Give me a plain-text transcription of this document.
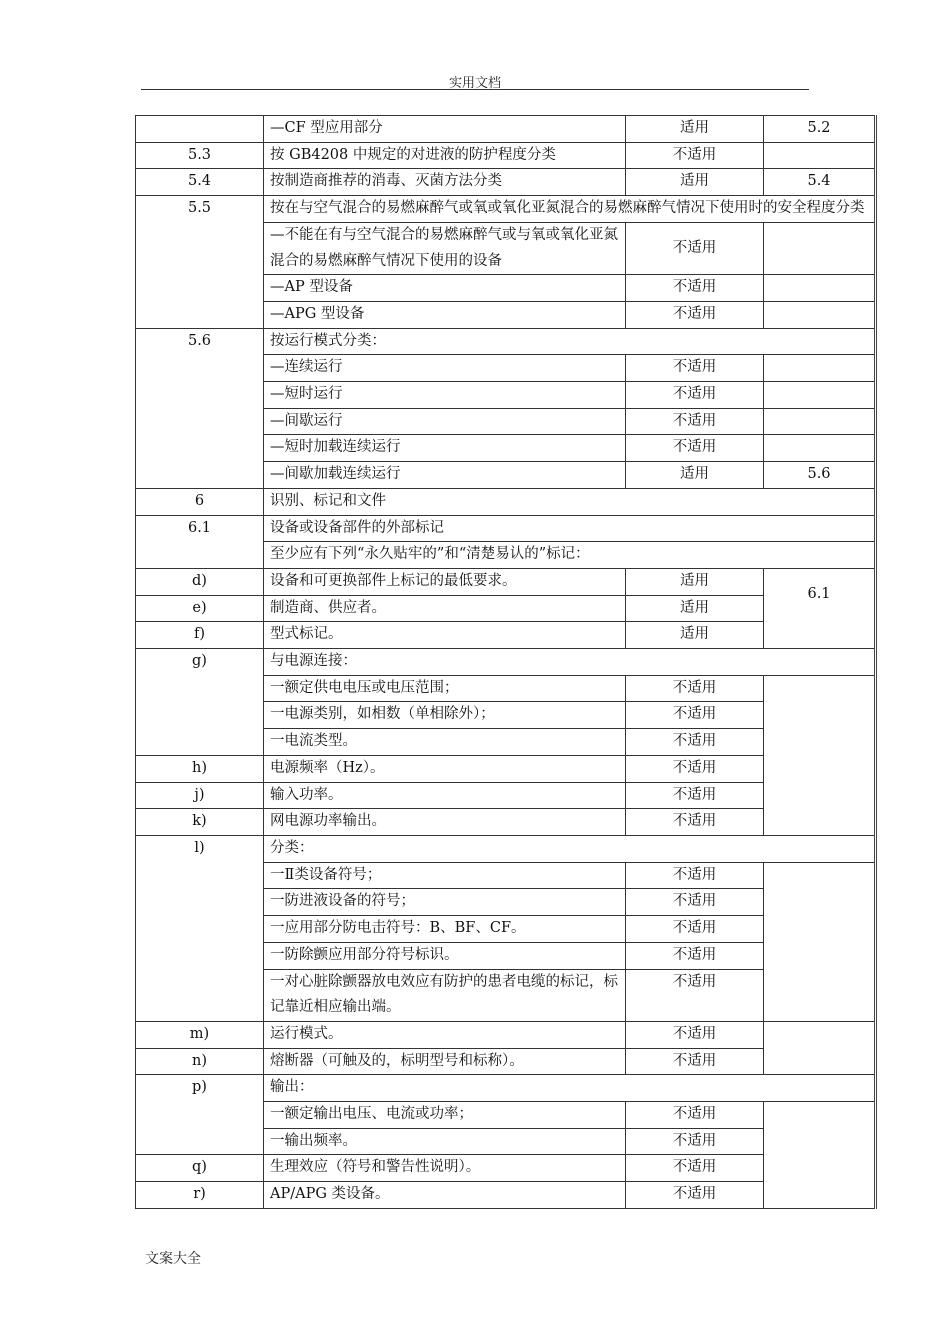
实用文档
	—CF 型应用部分	适用	5.2
5.3	按 GB4208 中规定的对进液的防护程度分类	不适用	
5.4	按制造商推荐的消毒、灭菌方法分类	适用	5.4
5.5	按在与空气混合的易燃麻醉气或氧或氧化亚氮混合的易燃麻醉气情况下使用时的安全程度分类		
	—不能在有与空气混合的易燃麻醉气或与氧或氧化亚氮混合的易燃麻醉气情况下使用的设备	不适用	
	—AP 型设备	不适用	
	—APG 型设备	不适用	
5.6	按运行模式分类：		
	—连续运行	不适用	
	—短时运行	不适用	
	—间歇运行	不适用	
	—短时加载连续运行	不适用	
	—间歇加载连续运行	适用	5.6
6	识别、标记和文件		
6.1	设备或设备部件的外部标记		
	至少应有下列“永久贴牢的”和“清楚易认的”标记：		
d)	设备和可更换部件上标记的最低要求。	适用	6.1
e)	制造商、供应者。	适用	
f)	型式标记。	适用	
g)	与电源连接：		
	一额定供电电压或电压范围；	不适用	
	一电源类别，如相数（单相除外）；	不适用	
	一电流类型。	不适用	
h)	电源频率（Hz）。	不适用	
j)	输入功率。	不适用	
k)	网电源功率输出。	不适用	
l)	分类：		
	一Ⅱ类设备符号；	不适用	
	一防进液设备的符号；	不适用	
	一应用部分防电击符号：B、BF、CF。	不适用	
	一防除颤应用部分符号标识。	不适用	
	一对心脏除颤器放电效应有防护的患者电缆的标记，标记靠近相应输出端。	不适用	
m)	运行模式。	不适用	
n)	熔断器（可触及的，标明型号和标称）。	不适用	
p)	输出：		
	一额定输出电压、电流或功率；	不适用	
	一输出频率。	不适用	
q)	生理效应（符号和警告性说明）。	不适用	
r)	AP/APG 类设备。	不适用	
文案大全
